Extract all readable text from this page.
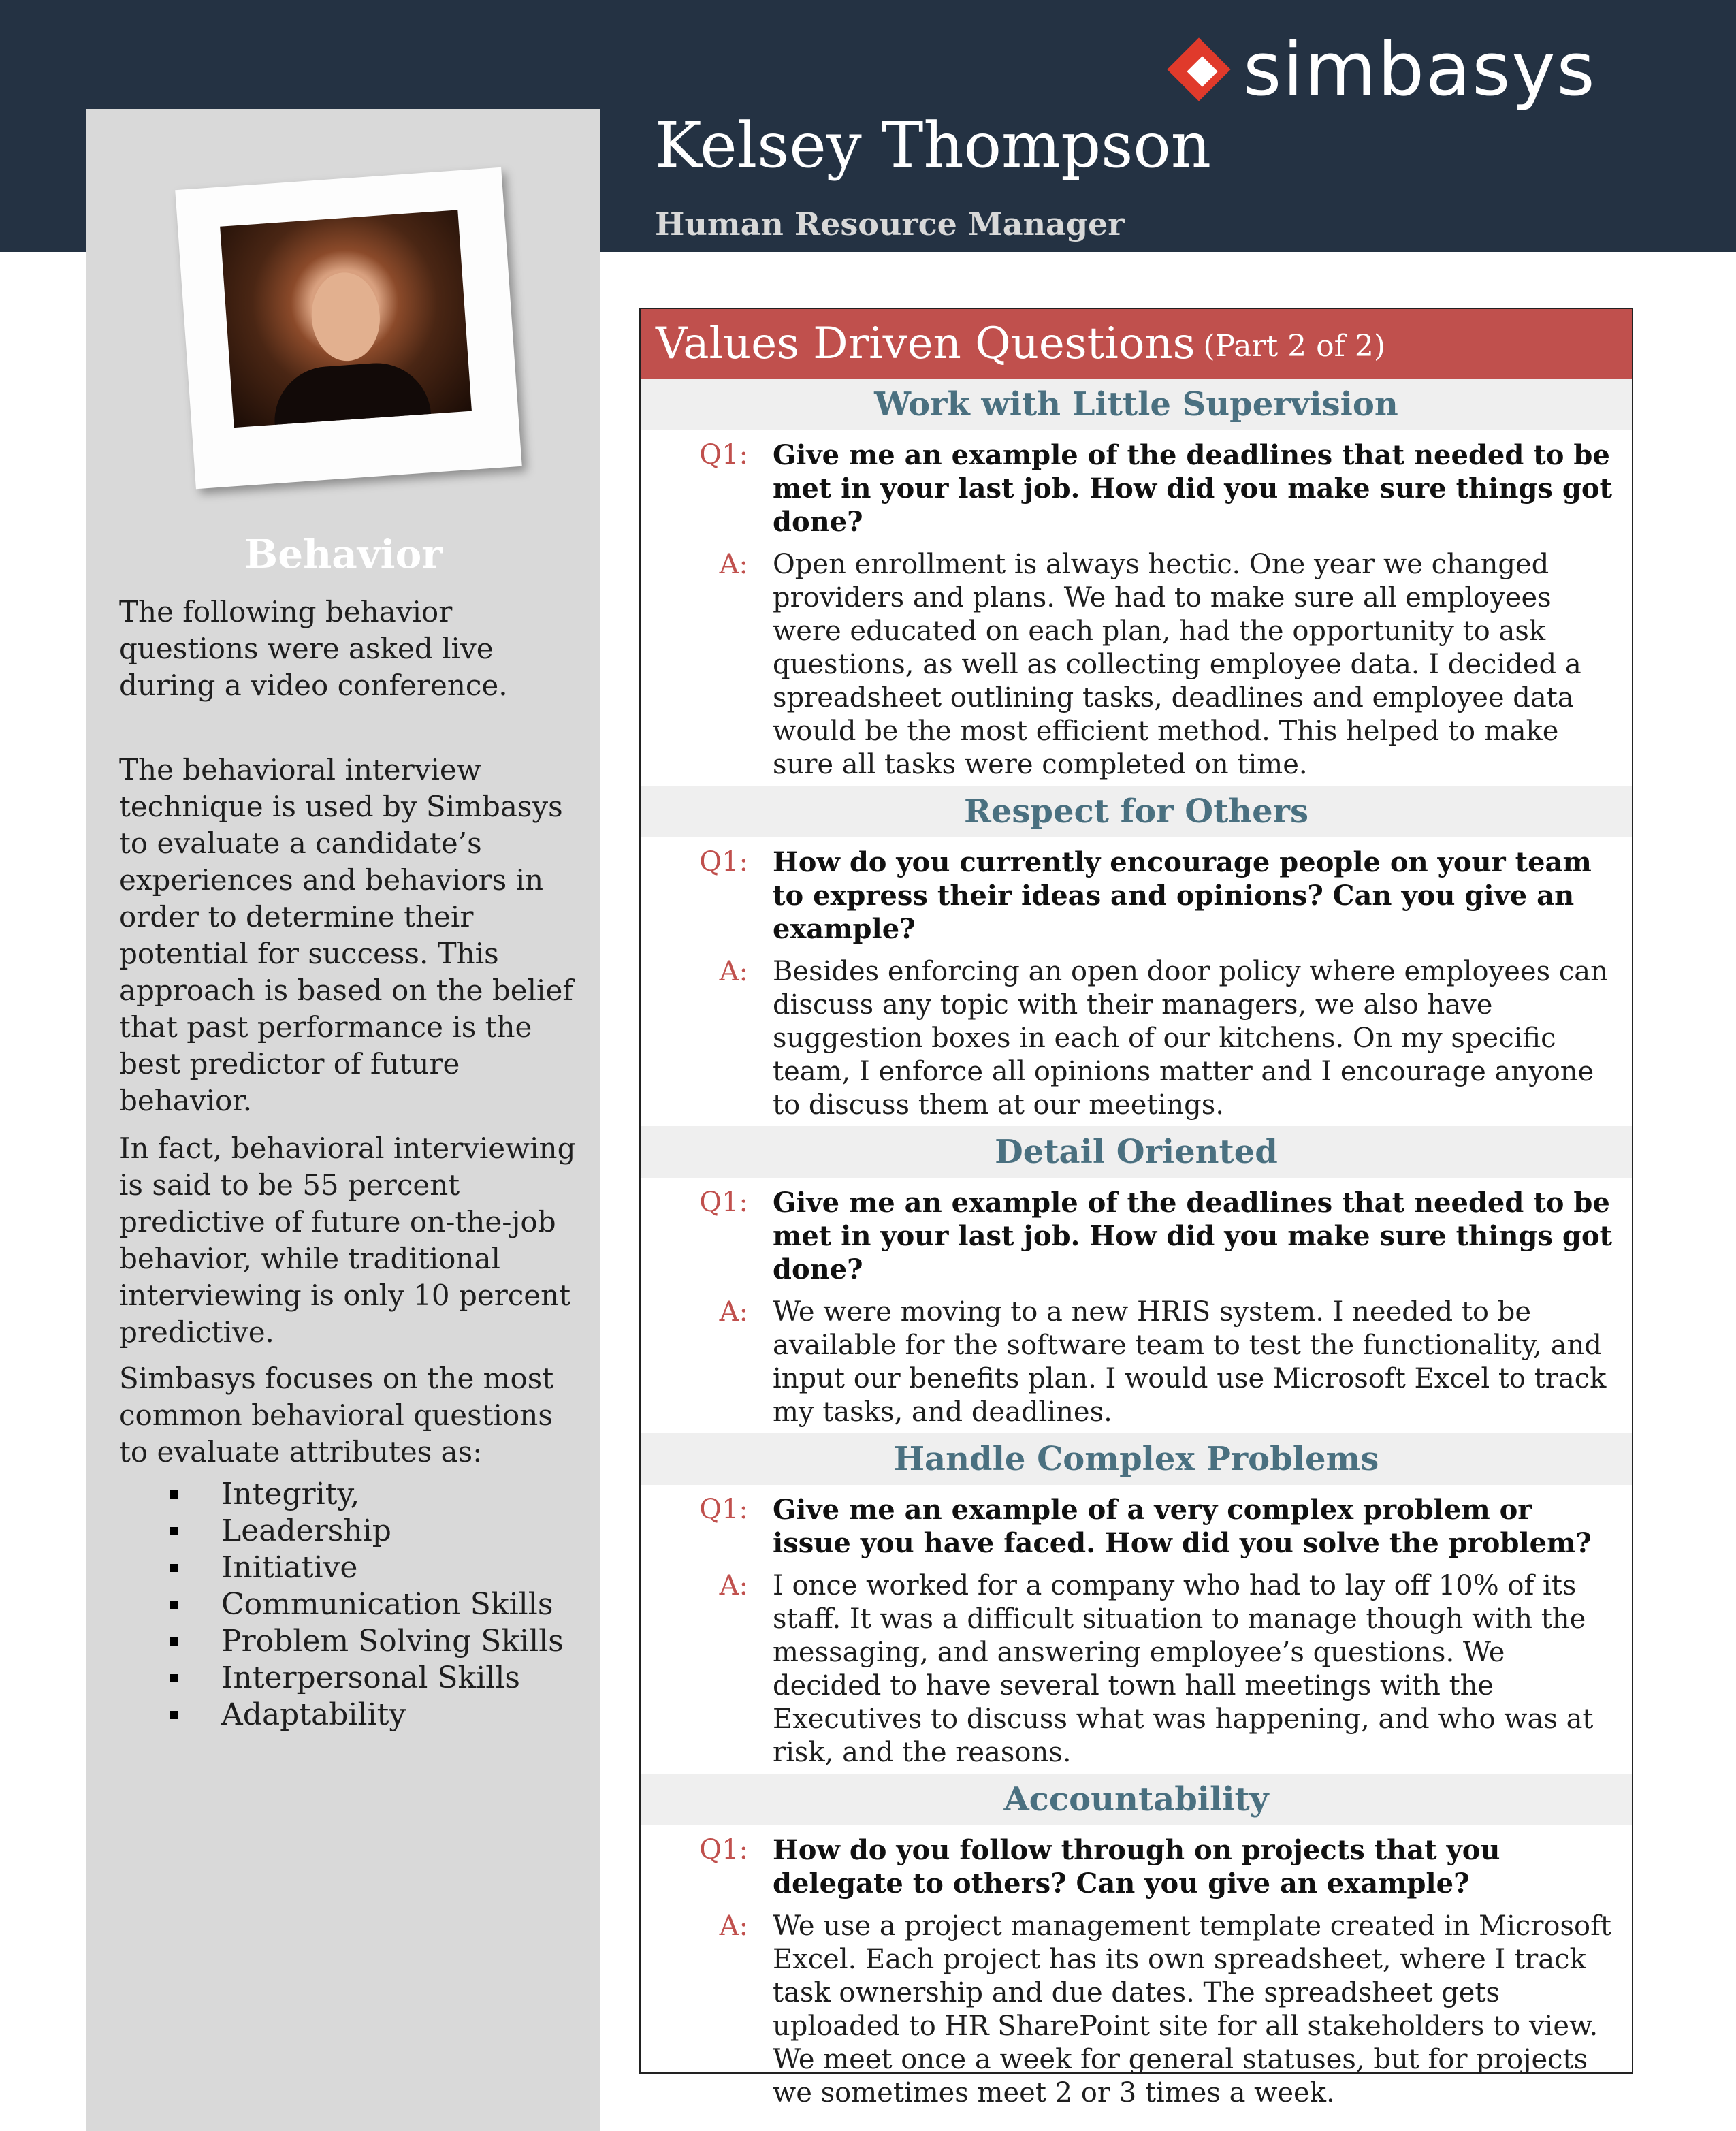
simbasys
Behavior

The following behavior questions were asked live during a video conference.

The behavioral interview technique is used by Simbasys to evaluate a candidate’s experiences and behaviors in order to determine their potential for success. This approach is based on the belief that past performance is the best predictor of future behavior.

In fact, behavioral interviewing is said to be 55 percent predictive of future on-the-job behavior, while traditional interviewing is only 10 percent predictive.

Simbasys focuses on the most common behavioral questions to evaluate attributes as:

Integrity,
Leadership
Initiative
Communication Skills
Problem Solving Skills
Interpersonal Skills
Adaptability
Kelsey Thompson
Human Resource Manager
Values Driven Questions (Part 2 of 2)
Work with Little Supervision
Q1: Give me an example of the deadlines that needed to be met in your last job. How did you make sure things got done?
A: Open enrollment is always hectic. One year we changed providers and plans. We had to make sure all employees were educated on each plan, had the opportunity to ask questions, as well as collecting employee data. I decided a spreadsheet outlining tasks, deadlines and employee data would be the most efficient method. This helped to make sure all tasks were completed on time.
Respect for Others
Q1: How do you currently encourage people on your team to express their ideas and opinions? Can you give an example?
A: Besides enforcing an open door policy where employees can discuss any topic with their managers, we also have suggestion boxes in each of our kitchens. On my specific team, I enforce all opinions matter and I encourage anyone to discuss them at our meetings.
Detail Oriented
Q1: Give me an example of the deadlines that needed to be met in your last job. How did you make sure things got done?
A: We were moving to a new HRIS system. I needed to be available for the software team to test the functionality, and input our benefits plan. I would use Microsoft Excel to track my tasks, and deadlines.
Handle Complex Problems
Q1: Give me an example of a very complex problem or issue you have faced. How did you solve the problem?
A: I once worked for a company who had to lay off 10% of its staff. It was a difficult situation to manage though with the messaging, and answering employee’s questions. We decided to have several town hall meetings with the Executives to discuss what was happening, and who was at risk, and the reasons.
Accountability
Q1: How do you follow through on projects that you delegate to others? Can you give an example?
A: We use a project management template created in Microsoft Excel. Each project has its own spreadsheet, where I track task ownership and due dates. The spreadsheet gets uploaded to HR SharePoint site for all stakeholders to view. We meet once a week for general statuses, but for projects we sometimes meet 2 or 3 times a week.
